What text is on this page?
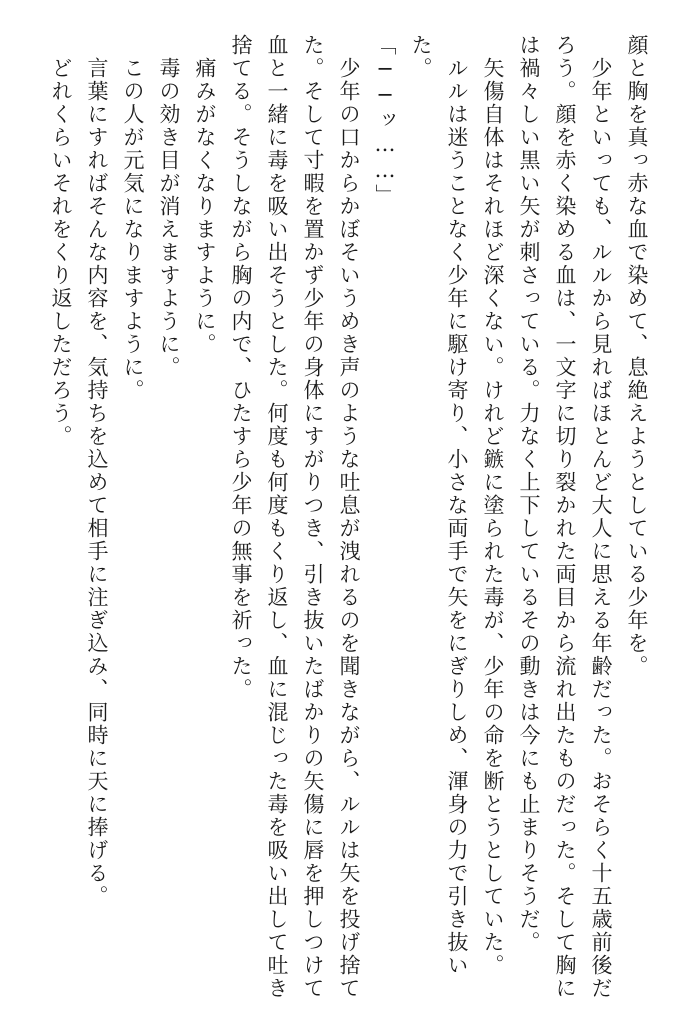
顔と胸を真っ赤な血で染めて、息絶えようとしている少年を。

　少年といっても、ルルから見ればほとんど大人に思える年齢だった。おそらく十五歳前後だ

ろう。顔を赤く染める血は、一文字に切り裂かれた両目から流れ出たものだった。そして胸に

は禍々しい黒い矢が刺さっている。力なく上下しているその動きは今にも止まりそうだ。

　矢傷自体はそれほど深くない。けれど鏃に塗られた毒が、少年の命を断とうとしていた。

　ルルは迷うことなく少年に駆け寄り、小さな両手で矢をにぎりしめ、渾身の力で引き抜い

た。

「──ッ……」

　少年の口からかぼそいうめき声のような吐息が洩れるのを聞きながら、ルルは矢を投げ捨て

た。そして寸暇を置かず少年の身体にすがりつき、引き抜いたばかりの矢傷に唇を押しつけて

血と一緒に毒を吸い出そうとした。何度も何度もくり返し、血に混じった毒を吸い出して吐き

捨てる。そうしながら胸の内で、ひたすら少年の無事を祈った。

　痛みがなくなりますように。

　毒の効き目が消えますように。

　この人が元気になりますように。

　言葉にすればそんな内容を、気持ちを込めて相手に注ぎ込み、同時に天に捧げる。

　どれくらいそれをくり返しただろう。
